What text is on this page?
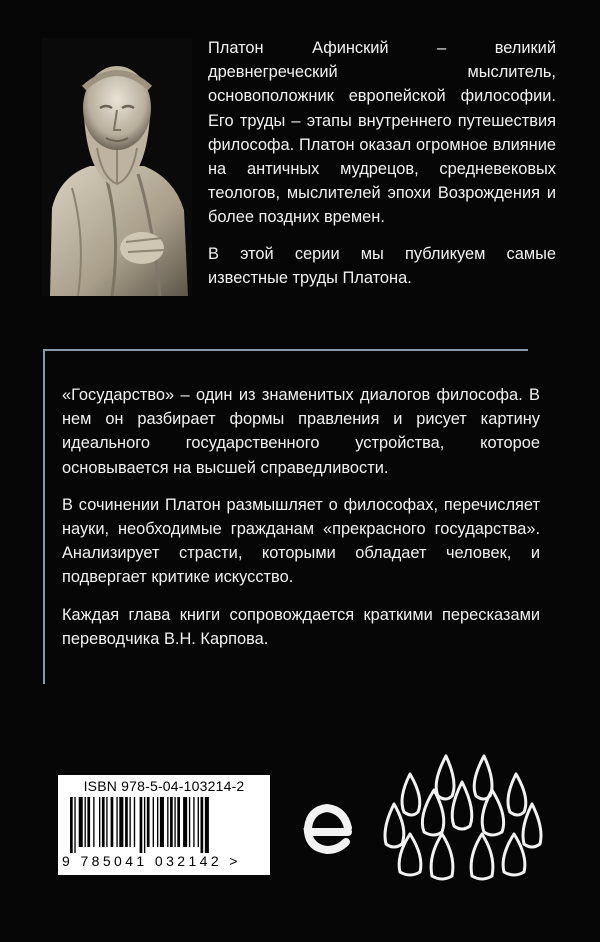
Платон Афинский – великий древнегреческий мыслитель, основоположник европейской философии. Его труды – этапы внутреннего путешествия философа. Платон оказал огромное влияние на античных мудрецов, средневековых теологов, мыслителей эпохи Возрождения и более поздних времен.

В этой серии мы публикуем самые известные труды Платона.

«Государство» – один из знаменитых диалогов философа. В нем он разбирает формы правления и рисует картину идеального государственного устройства, которое основывается на высшей справедливости.

В сочинении Платон размышляет о философах, перечисляет науки, необходимые гражданам «прекрасного государства». Анализирует страсти, которыми обладает человек, и подвергает критике искусство.

Каждая глава книги сопровождается краткими пересказами переводчика В.Н. Карпова.

ISBN 978-5-04-103214-2
9 785041 032142 >
